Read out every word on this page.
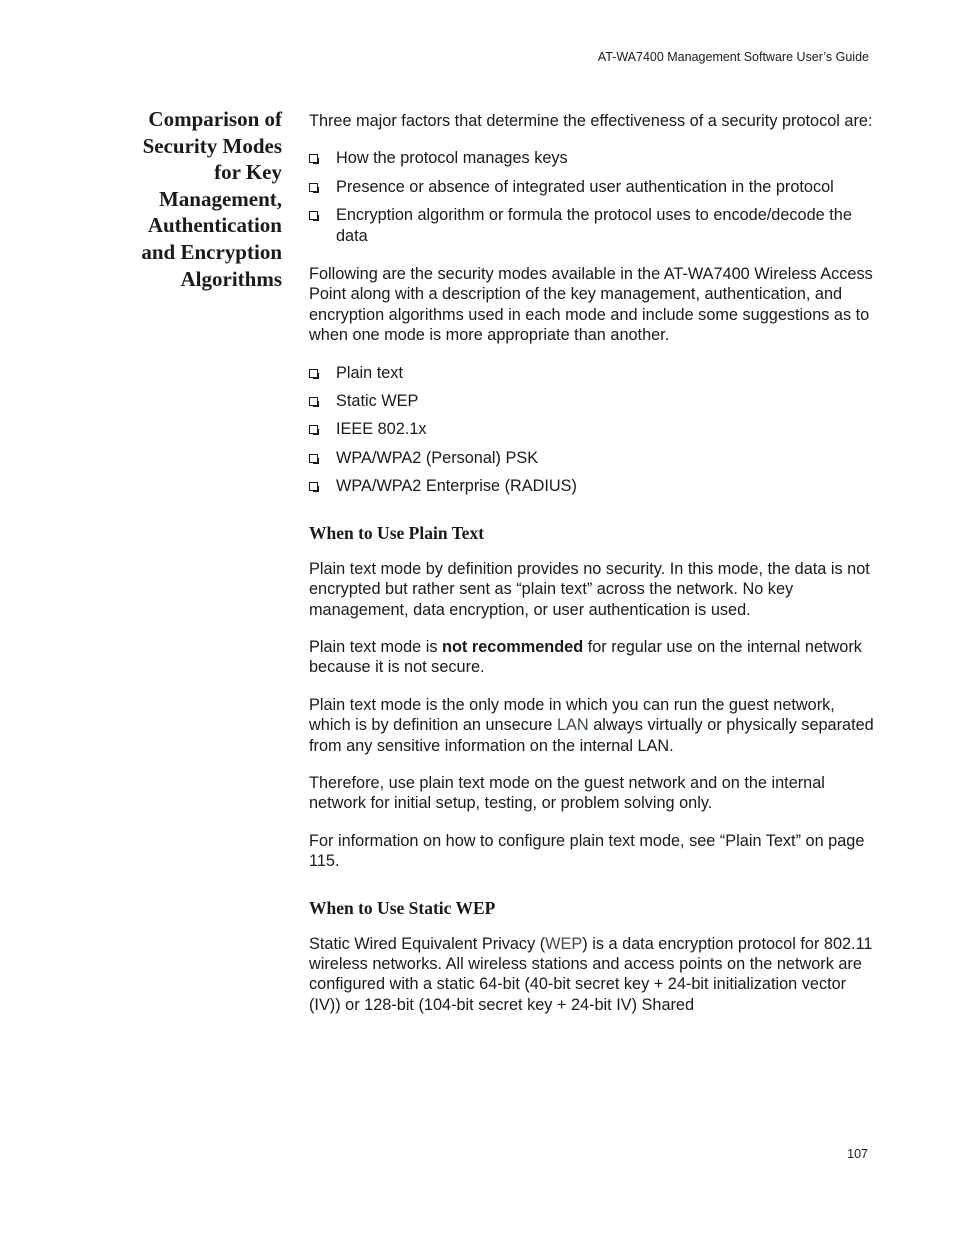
AT-WA7400 Management Software User’s Guide
Comparison of
Security Modes
for Key
Management,
Authentication
and Encryption
Algorithms

Three major factors that determine the effectiveness of a security protocol are:

How the protocol manages keys
Presence or absence of integrated user authentication in the protocol
Encryption algorithm or formula the protocol uses to encode/decode the data

Following are the security modes available in the AT-WA7400 Wireless Access Point along with a description of the key management, authentication, and encryption algorithms used in each mode and include some suggestions as to when one mode is more appropriate than another.

Plain text
Static WEP
IEEE 802.1x
WPA/WPA2 (Personal) PSK
WPA/WPA2 Enterprise (RADIUS)
When to Use Plain Text

Plain text mode by definition provides no security. In this mode, the data is not encrypted but rather sent as “plain text” across the network. No key management, data encryption, or user authentication is used.

Plain text mode is not recommended for regular use on the internal network because it is not secure.

Plain text mode is the only mode in which you can run the guest network, which is by definition an unsecure LAN always virtually or physically separated from any sensitive information on the internal LAN.

Therefore, use plain text mode on the guest network and on the internal network for initial setup, testing, or problem solving only.

For information on how to configure plain text mode, see “Plain Text” on page 115.

When to Use Static WEP

Static Wired Equivalent Privacy (WEP) is a data encryption protocol for 802.11 wireless networks. All wireless stations and access points on the network are configured with a static 64-bit (40-bit secret key + 24-bit initialization vector (IV)) or 128-bit (104-bit secret key + 24-bit IV) Shared

107
